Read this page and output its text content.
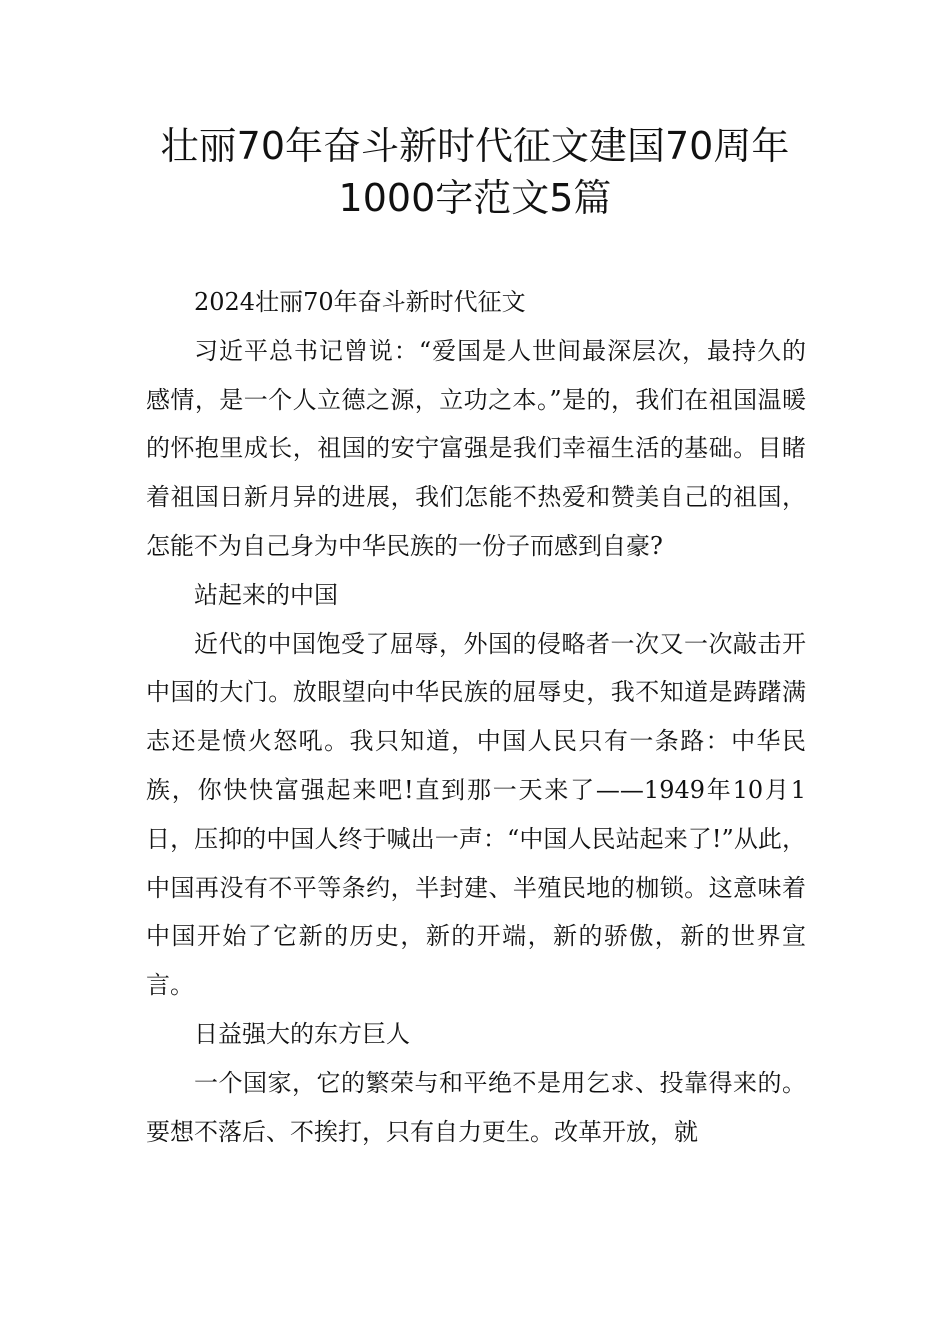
壮丽70年奋斗新时代征文建国70周年
1000字范文5篇

2024壮丽70年奋斗新时代征文

习近平总书记曾说：“爱国是人世间最深层次，最持久的感情，是一个人立德之源，立功之本。”是的，我们在祖国温暖的怀抱里成长，祖国的安宁富强是我们幸福生活的基础。目睹着祖国日新月异的进展，我们怎能不热爱和赞美自己的祖国，怎能不为自己身为中华民族的一份子而感到自豪?

站起来的中国

近代的中国饱受了屈辱，外国的侵略者一次又一次敲击开中国的大门。放眼望向中华民族的屈辱史，我不知道是踌躇满志还是愤火怒吼。我只知道，中国人民只有一条路：中华民族，你快快富强起来吧!直到那一天来了——1949年10月1日，压抑的中国人终于喊出一声：“中国人民站起来了!”从此，中国再没有不平等条约，半封建、半殖民地的枷锁。这意味着中国开始了它新的历史，新的开端，新的骄傲，新的世界宣言。

日益强大的东方巨人

一个国家，它的繁荣与和平绝不是用乞求、投靠得来的。要想不落后、不挨打，只有自力更生。改革开放，就
